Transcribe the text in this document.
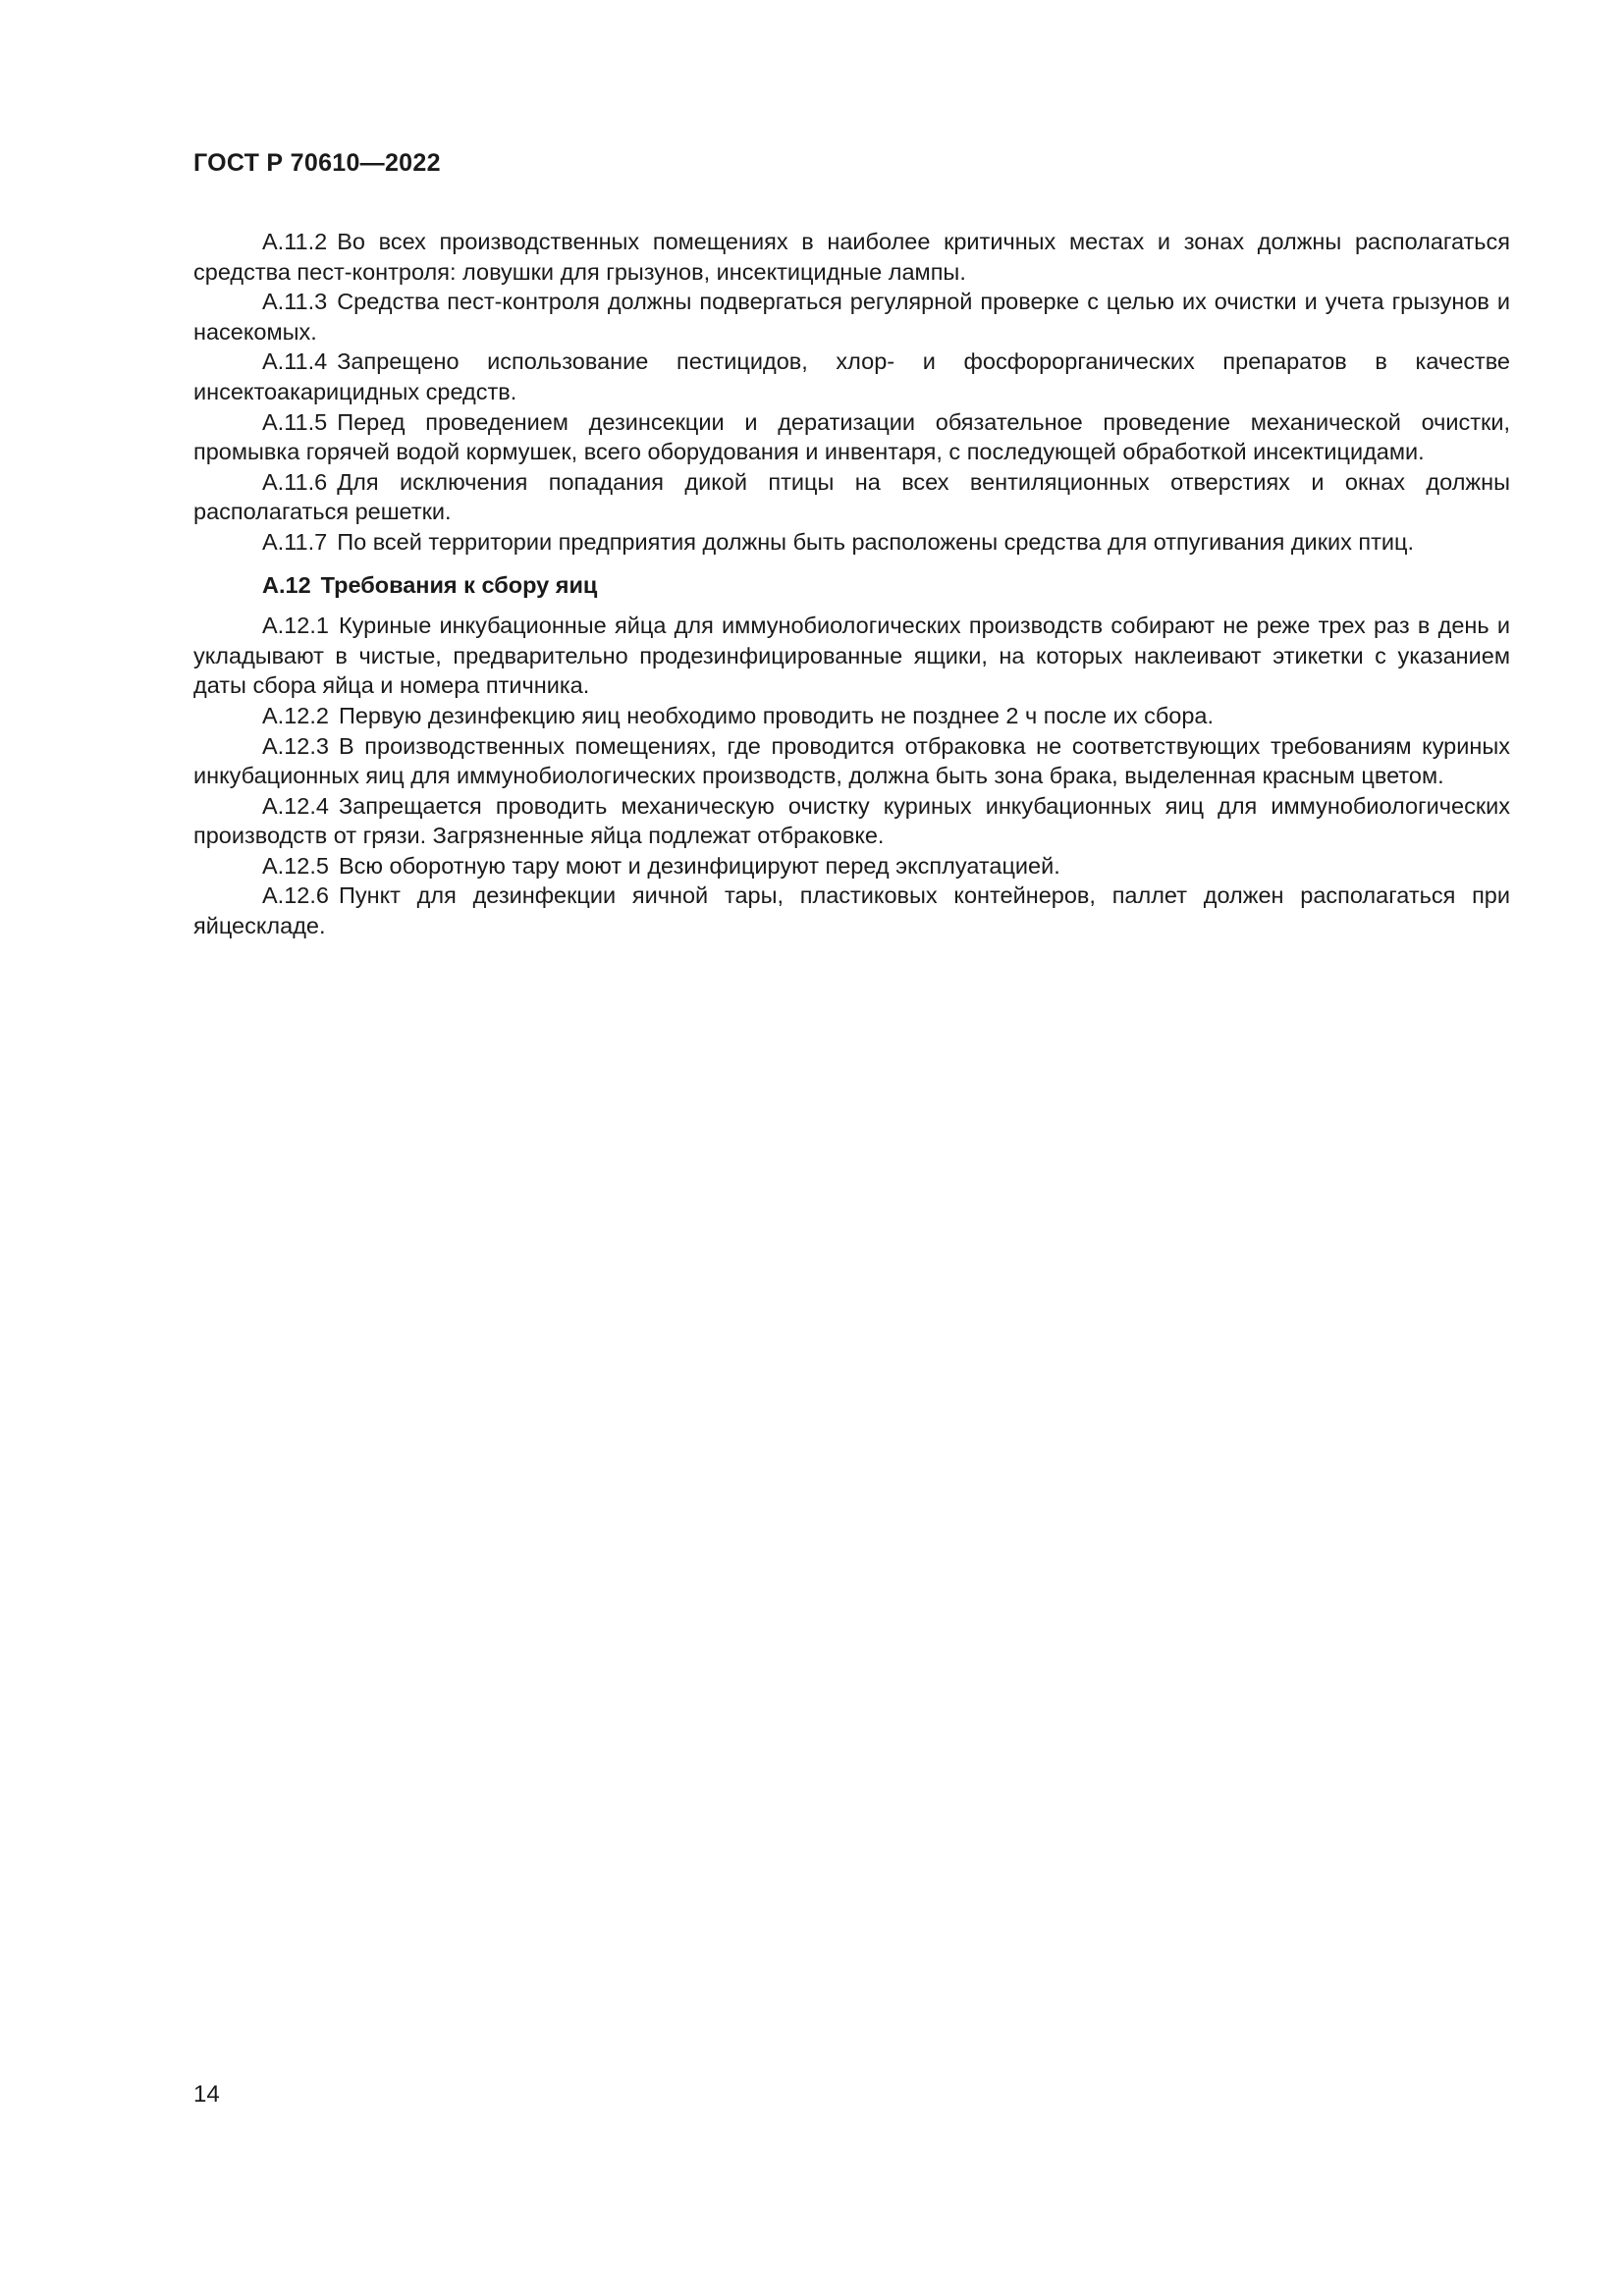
ГОСТ Р 70610—2022

А.11.2 Во всех производственных помещениях в наиболее критичных местах и зонах должны располагаться средства пест-контроля: ловушки для грызунов, инсектицидные лампы.

А.11.3 Средства пест-контроля должны подвергаться регулярной проверке с целью их очистки и учета грызунов и насекомых.

А.11.4 Запрещено использование пестицидов, хлор- и фосфорорганических препаратов в качестве инсектоакарицидных средств.

А.11.5 Перед проведением дезинсекции и дератизации обязательное проведение механической очистки, промывка горячей водой кормушек, всего оборудования и инвентаря, с последующей обработкой инсектицидами.

А.11.6 Для исключения попадания дикой птицы на всех вентиляционных отверстиях и окнах должны располагаться решетки.

А.11.7 По всей территории предприятия должны быть расположены средства для отпугивания диких птиц.

А.12 Требования к сбору яиц

А.12.1 Куриные инкубационные яйца для иммунобиологических производств собирают не реже трех раз в день и укладывают в чистые, предварительно продезинфицированные ящики, на которых наклеивают этикетки с указанием даты сбора яйца и номера птичника.

А.12.2 Первую дезинфекцию яиц необходимо проводить не позднее 2 ч после их сбора.

А.12.3 В производственных помещениях, где проводится отбраковка не соответствующих требованиям куриных инкубационных яиц для иммунобиологических производств, должна быть зона брака, выделенная красным цветом.

А.12.4 Запрещается проводить механическую очистку куриных инкубационных яиц для иммунобиологических производств от грязи. Загрязненные яйца подлежат отбраковке.

А.12.5 Всю оборотную тару моют и дезинфицируют перед эксплуатацией.

А.12.6 Пункт для дезинфекции яичной тары, пластиковых контейнеров, паллет должен располагаться при яйцескладе.

14
